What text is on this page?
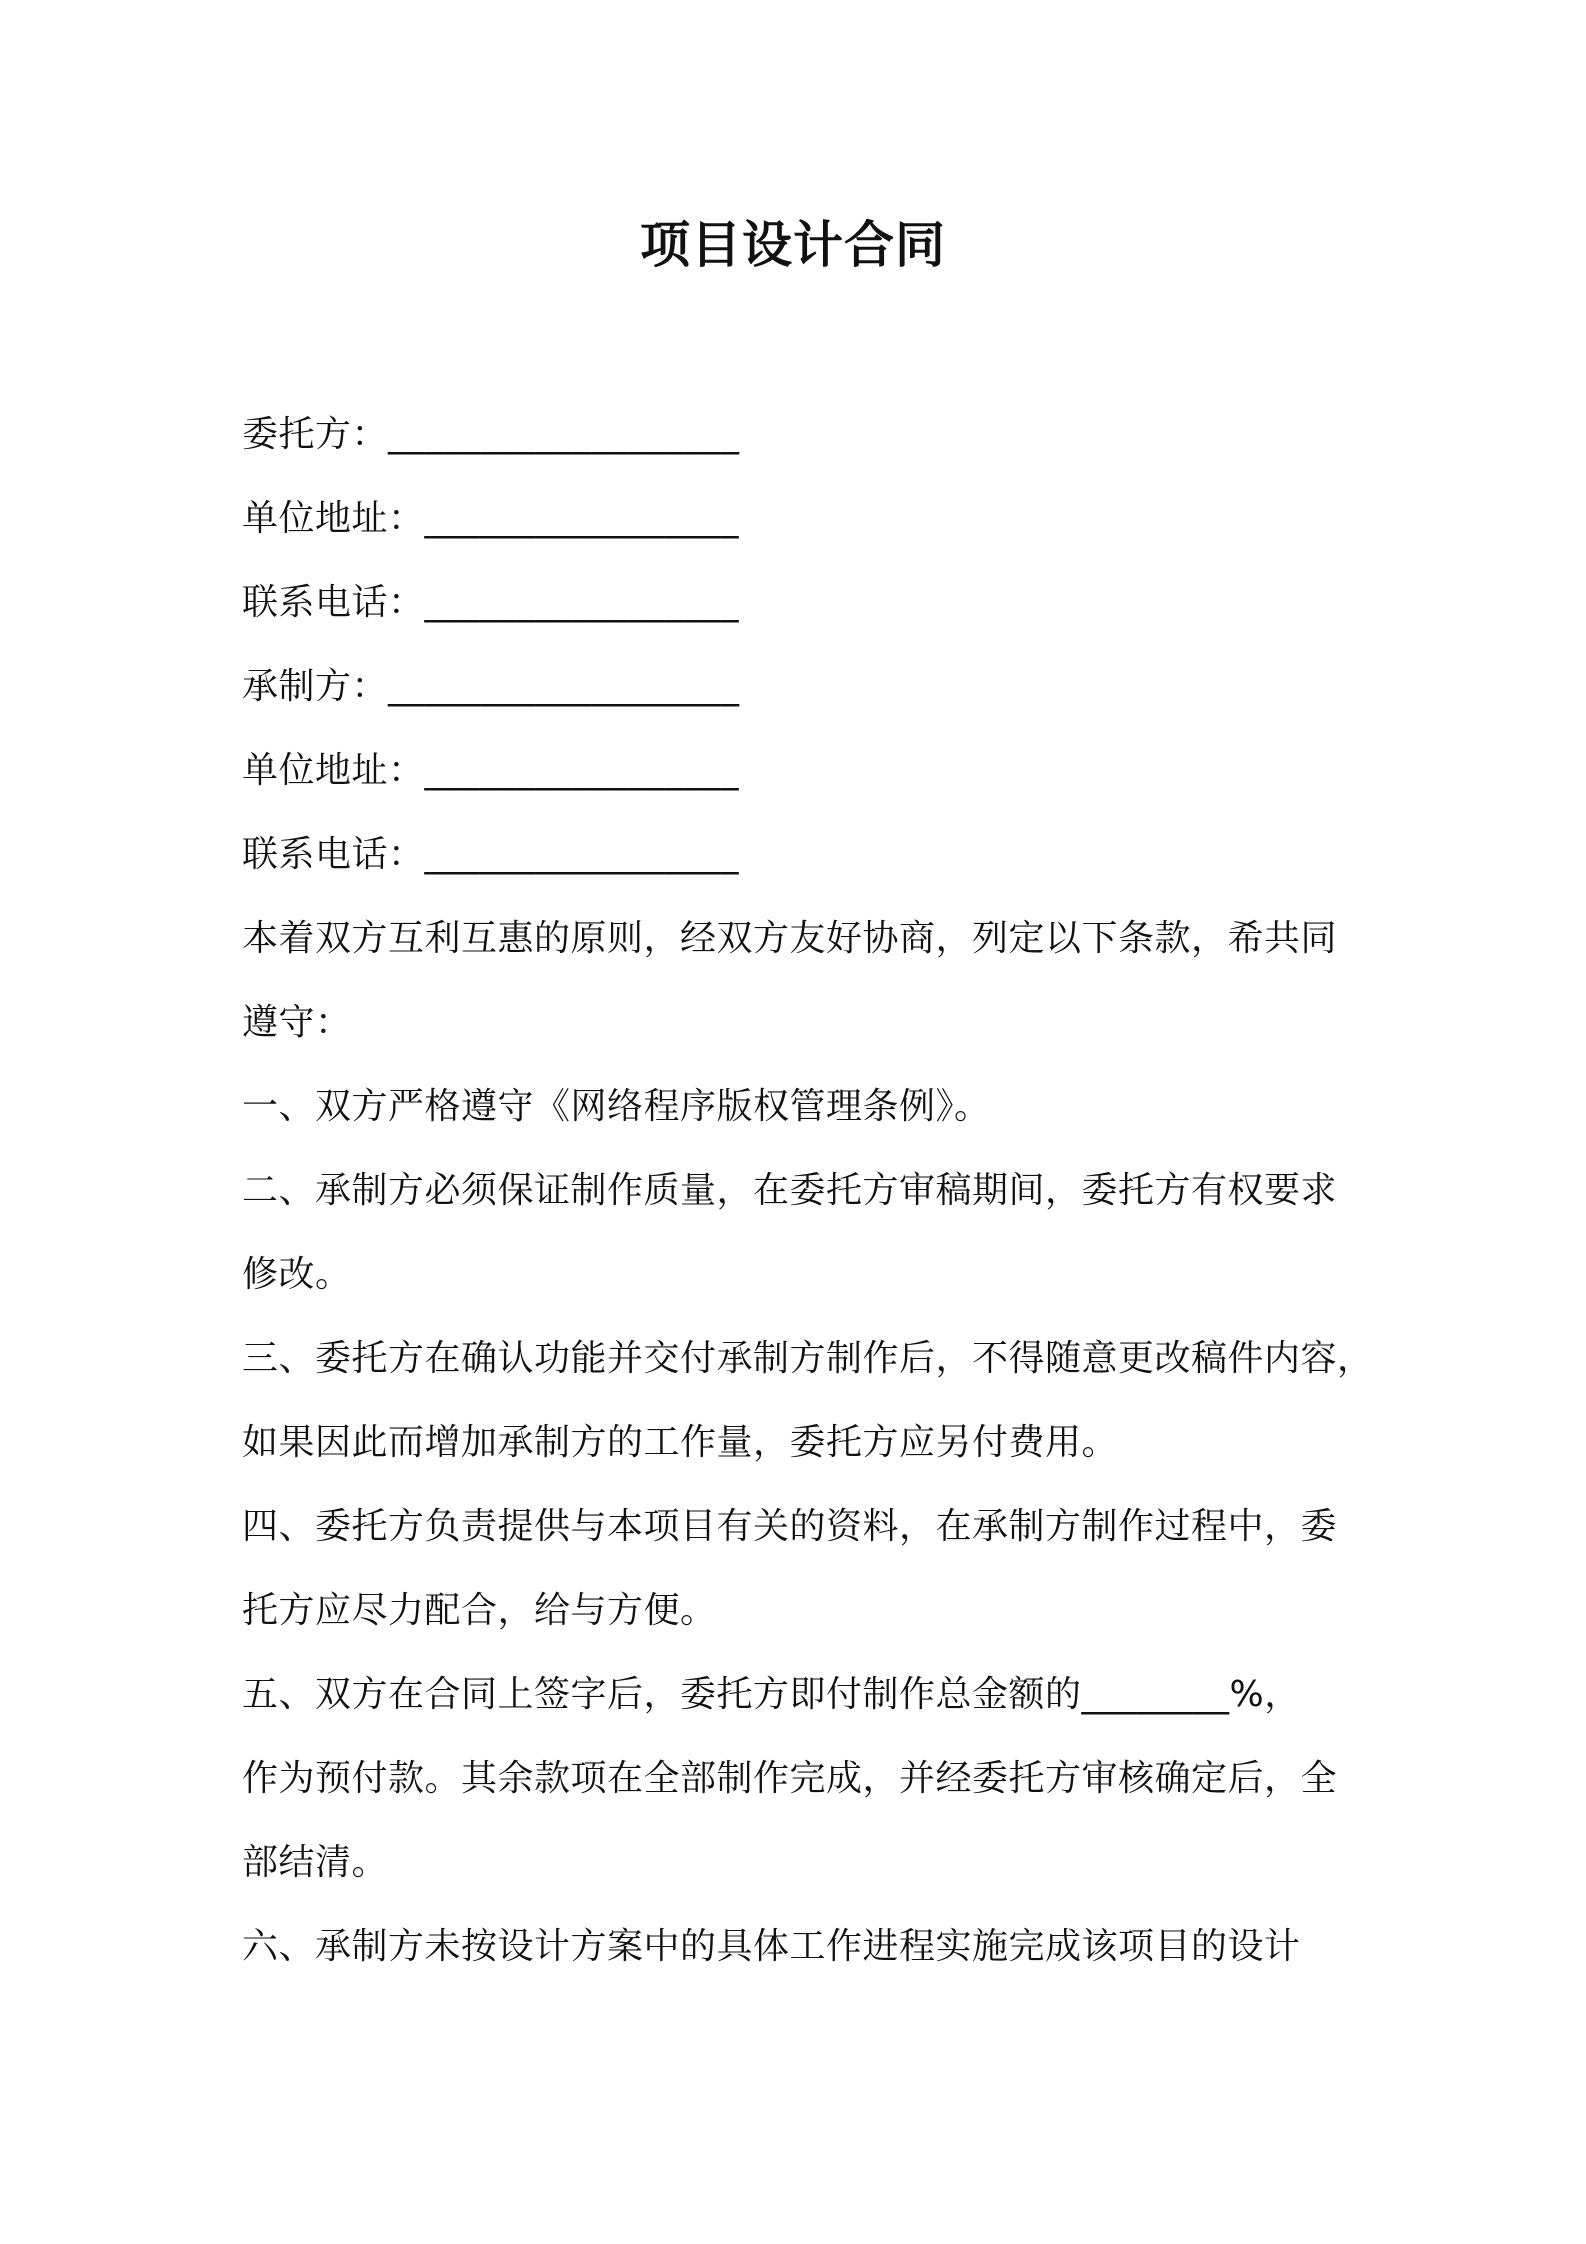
项目设计合同
委托方：___________________
单位地址：_________________
联系电话：_________________
承制方：___________________
单位地址：_________________
联系电话：_________________
本着双方互利互惠的原则，经双方友好协商，列定以下条款，希共同
遵守：
一、双方严格遵守《网络程序版权管理条例》。
二、承制方必须保证制作质量，在委托方审稿期间，委托方有权要求
修改。
三、委托方在确认功能并交付承制方制作后，不得随意更改稿件内容，
如果因此而增加承制方的工作量，委托方应另付费用。
四、委托方负责提供与本项目有关的资料，在承制方制作过程中，委
托方应尽力配合，给与方便。
五、双方在合同上签字后，委托方即付制作总金额的________%，
作为预付款。其余款项在全部制作完成，并经委托方审核确定后，全
部结清。
六、承制方未按设计方案中的具体工作进程实施完成该项目的设计
